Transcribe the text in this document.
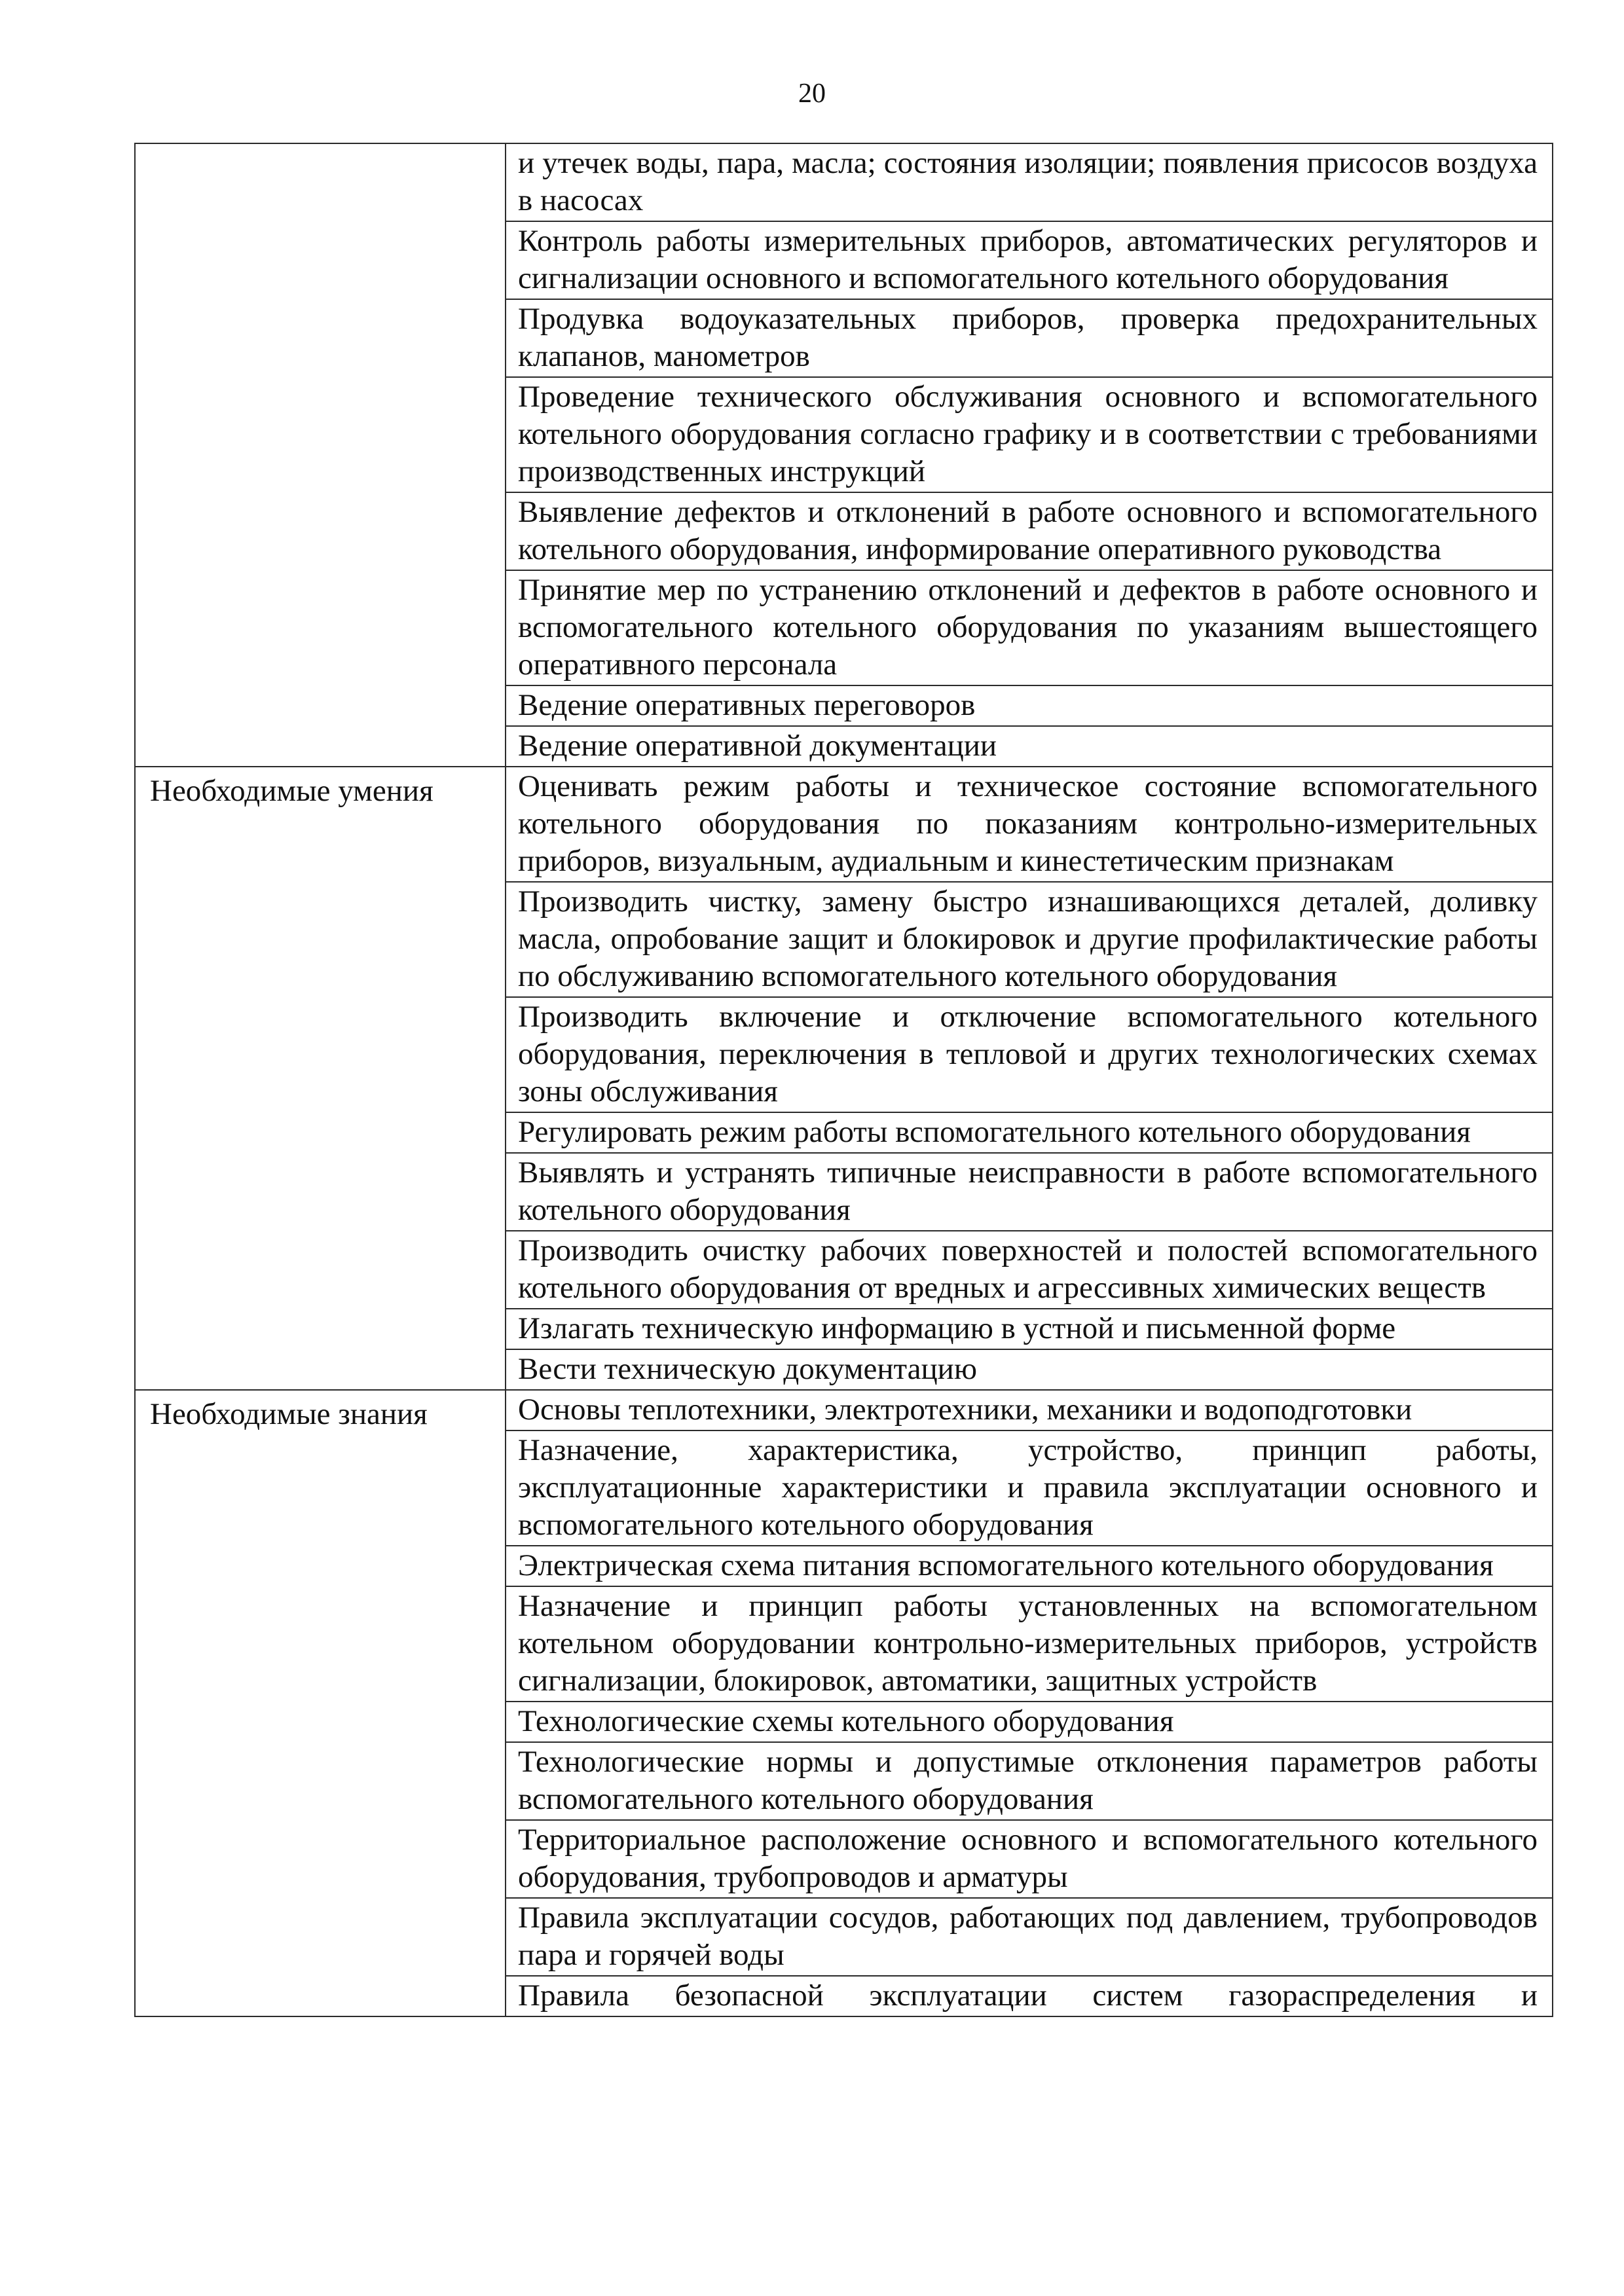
20
	и утечек воды, пара, масла; состояния изоляции; появления присосов воздуха в насосах
	Контроль работы измерительных приборов, автоматических регуляторов и сигнализации основного и вспомогательного котельного оборудования
	Продувка водоуказательных приборов, проверка предохранительных клапанов, манометров
	Проведение технического обслуживания основного и вспомогательного котельного оборудования согласно графику и в соответствии с требованиями производственных инструкций
	Выявление дефектов и отклонений в работе основного и вспомогательного котельного оборудования, информирование оперативного руководства
	Принятие мер по устранению отклонений и дефектов в работе основного и вспомогательного котельного оборудования по указаниям вышестоящего оперативного персонала
	Ведение оперативных переговоров
	Ведение оперативной документации
Необходимые умения	Оценивать режим работы и техническое состояние вспомогательного котельного оборудования по показаниям контрольно-измерительных приборов, визуальным, аудиальным и кинестетическим признакам
	Производить чистку, замену быстро изнашивающихся деталей, доливку масла, опробование защит и блокировок и другие профилактические работы по обслуживанию вспомогательного котельного оборудования
	Производить включение и отключение вспомогательного котельного оборудования, переключения в тепловой и других технологических схемах зоны обслуживания
	Регулировать режим работы вспомогательного котельного оборудования
	Выявлять и устранять типичные неисправности в работе вспомогательного котельного оборудования
	Производить очистку рабочих поверхностей и полостей вспомогательного котельного оборудования от вредных и агрессивных химических веществ
	Излагать техническую информацию в устной и письменной форме
	Вести техническую документацию
Необходимые знания	Основы теплотехники, электротехники, механики и водоподготовки
	Назначение, характеристика, устройство, принцип работы, эксплуатационные характеристики и правила эксплуатации основного и вспомогательного котельного оборудования
	Электрическая схема питания вспомогательного котельного оборудования
	Назначение и принцип работы установленных на вспомогательном котельном оборудовании контрольно-измерительных приборов, устройств сигнализации, блокировок, автоматики, защитных устройств
	Технологические схемы котельного оборудования
	Технологические нормы и допустимые отклонения параметров работы вспомогательного котельного оборудования
	Территориальное расположение основного и вспомогательного котельного оборудования, трубопроводов и арматуры
	Правила эксплуатации сосудов, работающих под давлением, трубопроводов пара и горячей воды
	Правила безопасной эксплуатации систем газораспределения и
